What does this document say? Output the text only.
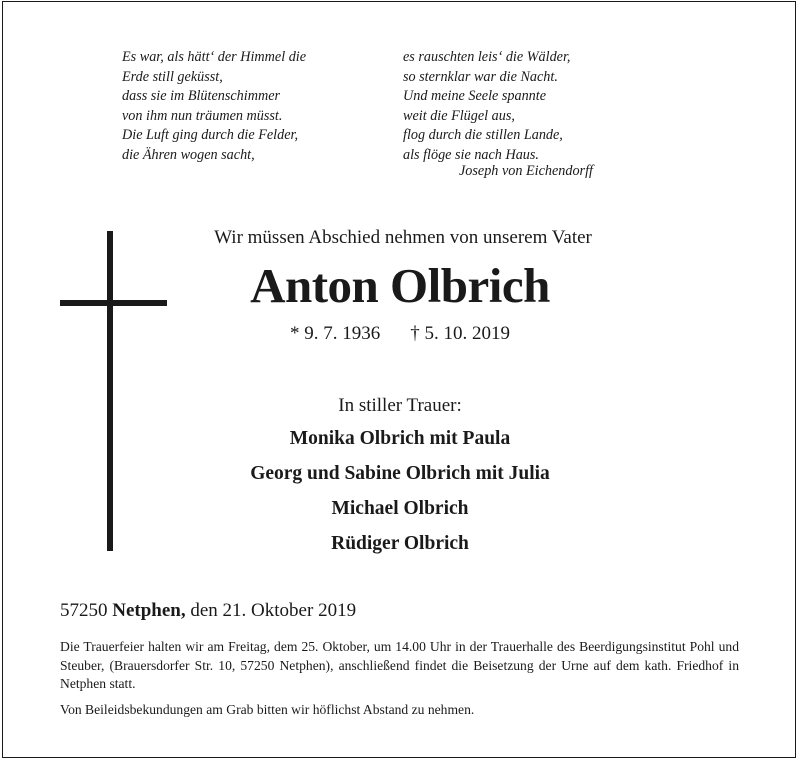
Es war, als hätt‘ der Himmel die
Erde still geküsst,
dass sie im Blütenschimmer
von ihm nun träumen müsst.
Die Luft ging durch die Felder,
die Ähren wogen sacht,
es rauschten leis‘ die Wälder,
so sternklar war die Nacht.
Und meine Seele spannte
weit die Flügel aus,
flog durch die stillen Lande,
als flöge sie nach Haus.
Joseph von Eichendorff
Wir müssen Abschied nehmen von unserem Vater
Anton Olbrich
* 9. 7. 1936 † 5. 10. 2019
In stiller Trauer:
Monika Olbrich mit Paula
Georg und Sabine Olbrich mit Julia
Michael Olbrich
Rüdiger Olbrich
57250 Netphen, den 21. Oktober 2019

Die Trauerfeier halten wir am Freitag, dem 25. Oktober, um 14.00 Uhr in der Trauerhalle des Beerdigungsinstitut Pohl und Steuber, (Brauersdorfer Str. 10, 57250 Netphen), anschließend findet die Beisetzung der Urne auf dem kath. Friedhof in Netphen statt.

Von Beileidsbekundungen am Grab bitten wir höflichst Abstand zu nehmen.
